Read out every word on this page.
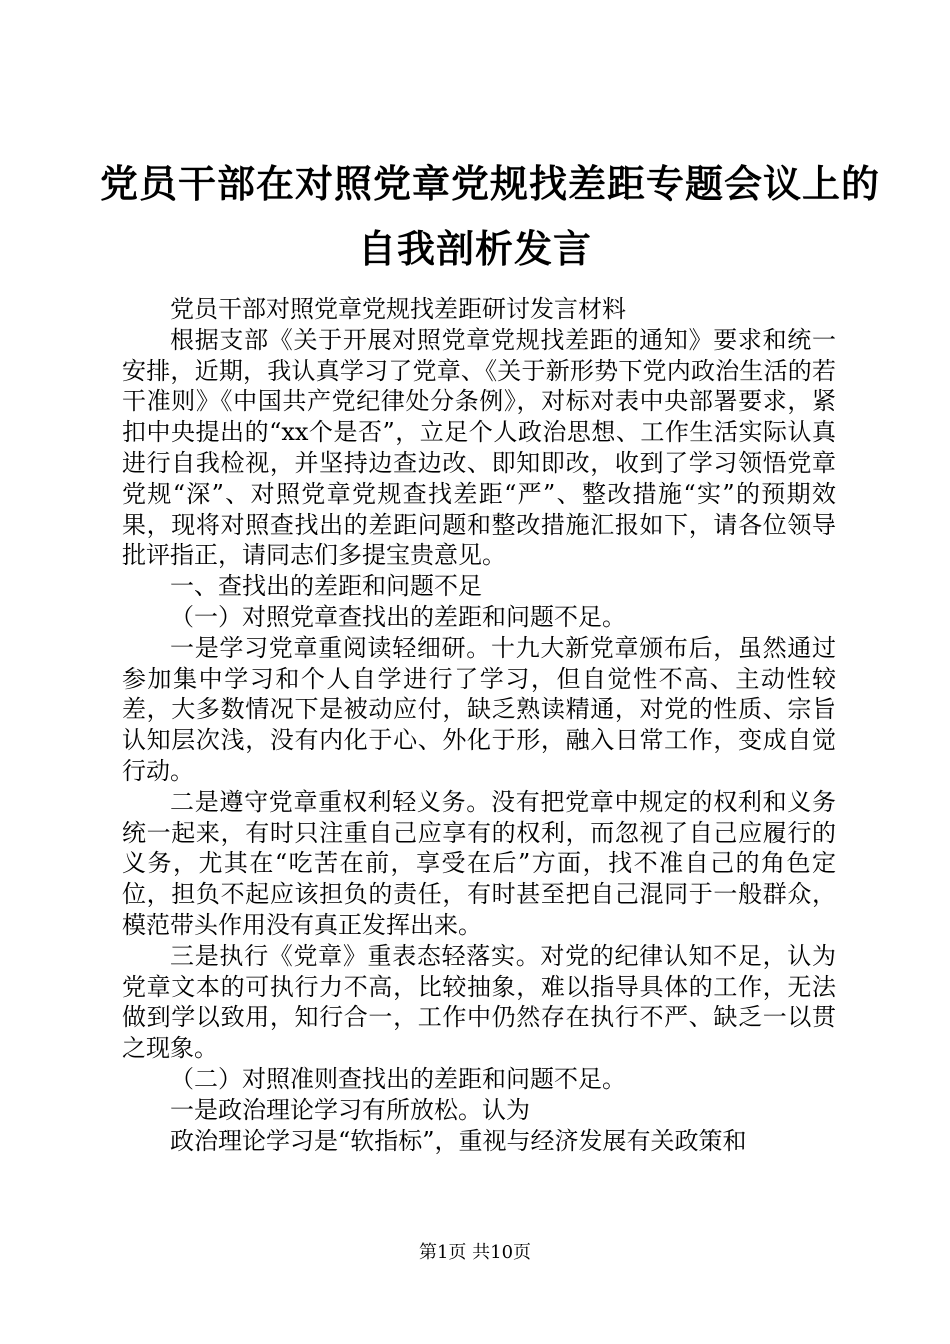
党员干部在对照党章党规找差距专题会议上的
自我剖析发言

党员干部对照党章党规找差距研讨发言材料

根据支部《关于开展对照党章党规找差距的通知》要求和统一安排，近期，我认真学习了党章、《关于新形势下党内政治生活的若干准则》《中国共产党纪律处分条例》，对标对表中央部署要求，紧扣中央提出的“xx个是否”，立足个人政治思想、工作生活实际认真进行自我检视，并坚持边查边改、即知即改，收到了学习领悟党章党规“深”、对照党章党规查找差距“严”、整改措施“实”的预期效果，现将对照查找出的差距问题和整改措施汇报如下，请各位领导批评指正，请同志们多提宝贵意见。

一、查找出的差距和问题不足

（一）对照党章查找出的差距和问题不足。

一是学习党章重阅读轻细研。十九大新党章颁布后，虽然通过参加集中学习和个人自学进行了学习，但自觉性不高、主动性较差，大多数情况下是被动应付，缺乏熟读精通，对党的性质、宗旨认知层次浅，没有内化于心、外化于形，融入日常工作，变成自觉行动。

二是遵守党章重权利轻义务。没有把党章中规定的权利和义务统一起来，有时只注重自己应享有的权利，而忽视了自己应履行的义务，尤其在“吃苦在前，享受在后”方面，找不准自己的角色定位，担负不起应该担负的责任，有时甚至把自己混同于一般群众，模范带头作用没有真正发挥出来。

三是执行《党章》重表态轻落实。对党的纪律认知不足，认为党章文本的可执行力不高，比较抽象，难以指导具体的工作，无法做到学以致用，知行合一，工作中仍然存在执行不严、缺乏一以贯之现象。

（二）对照准则查找出的差距和问题不足。

一是政治理论学习有所放松。认为

政治理论学习是“软指标”，重视与经济发展有关政策和

第1页 共10页
